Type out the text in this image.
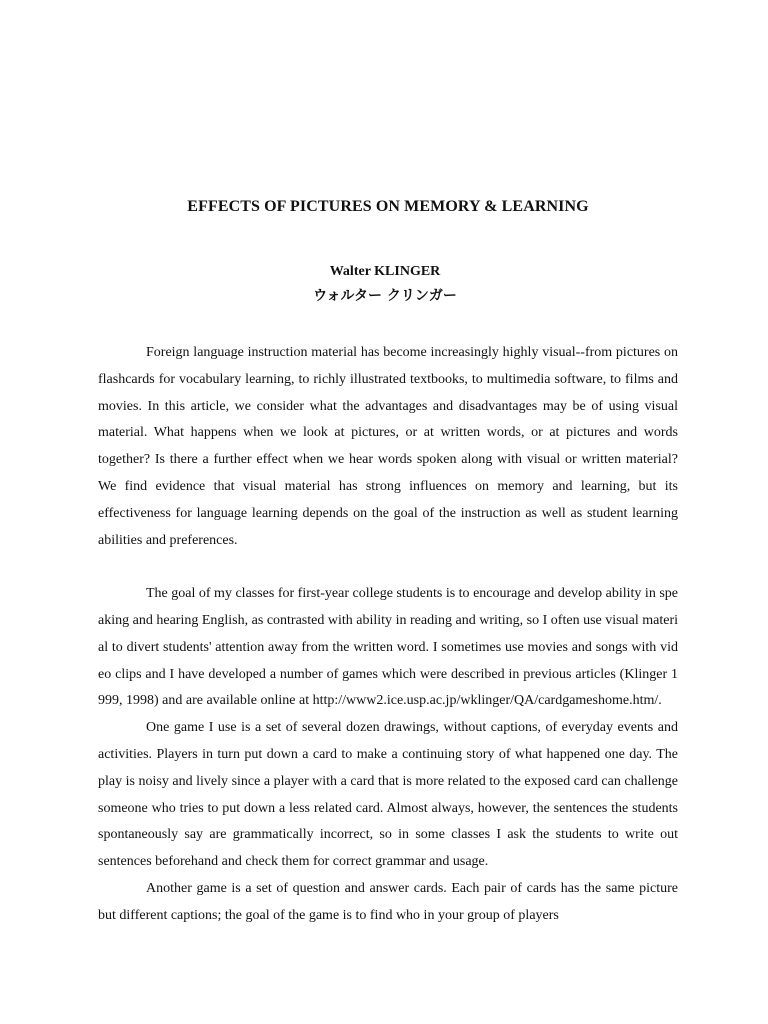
EFFECTS OF PICTURES ON MEMORY & LEARNING
Walter KLINGER
ウォルター クリンガー

Foreign language instruction material has become increasingly highly visual--from pictures on flashcards for vocabulary learning, to richly illustrated textbooks, to multimedia software, to films and movies. In this article, we consider what the advantages and disadvantages may be of using visual material. What happens when we look at pictures, or at written words, or at pictures and words together? Is there a further effect when we hear words spoken along with visual or written material? We find evidence that visual material has strong influences on memory and learning, but its effectiveness for language learning depends on the goal of the instruction as well as student learning abilities and preferences.

The goal of my classes for first-year college students is to encourage and develop ability in speaking and hearing English, as contrasted with ability in reading and writing, so I often use visual material to divert students' attention away from the written word. I sometimes use movies and songs with video clips and I have developed a number of games which were described in previous articles (Klinger 1999, 1998) and are available online at http://www2.ice.usp.ac.jp/wklinger/QA/cardgameshome.htm/.

One game I use is a set of several dozen drawings, without captions, of everyday events and activities. Players in turn put down a card to make a continuing story of what happened one day. The play is noisy and lively since a player with a card that is more related to the exposed card can challenge someone who tries to put down a less related card. Almost always, however, the sentences the students spontaneously say are grammatically incorrect, so in some classes I ask the students to write out sentences beforehand and check them for correct grammar and usage.

Another game is a set of question and answer cards. Each pair of cards has the same picture but different captions; the goal of the game is to find who in your group of players
